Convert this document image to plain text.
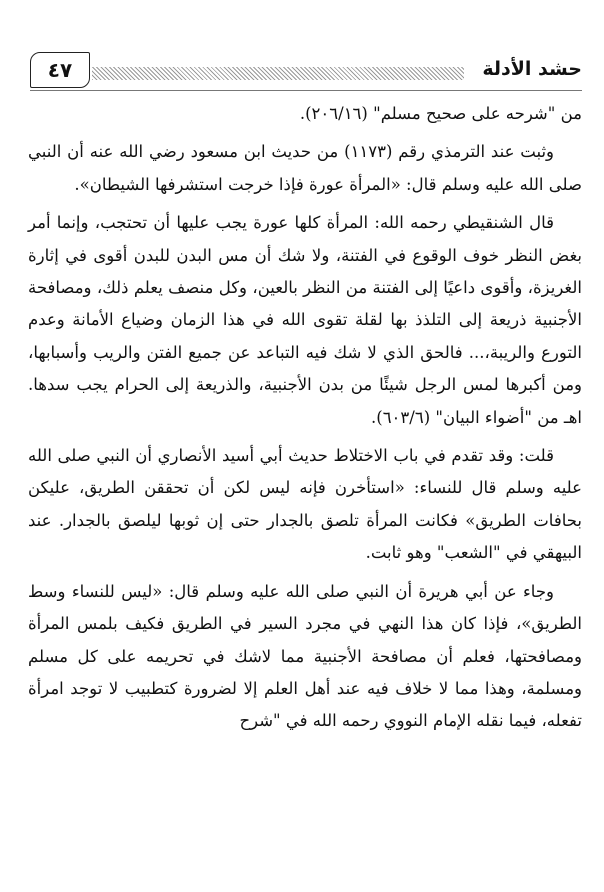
حشد الأدلة
٤٧

من "شرحه على صحيح مسلم" (٢٠٦/١٦).

وثبت عند الترمذي رقم (١١٧٣) من حديث ابن مسعود رضي الله عنه أن النبي صلى الله عليه وسلم قال: «المرأة عورة فإذا خرجت استشرفها الشيطان».

قال الشنقيطي رحمه الله: المرأة كلها عورة يجب عليها أن تحتجب، وإنما أمر بغض النظر خوف الوقوع في الفتنة، ولا شك أن مس البدن للبدن أقوى في إثارة الغريزة، وأقوى داعيًا إلى الفتنة من النظر بالعين، وكل منصف يعلم ذلك، ومصافحة الأجنبية ذريعة إلى التلذذ بها لقلة تقوى الله في هذا الزمان وضياع الأمانة وعدم التورع والريبة،... فالحق الذي لا شك فيه التباعد عن جميع الفتن والريب وأسبابها، ومن أكبرها لمس الرجل شيئًا من بدن الأجنبية، والذريعة إلى الحرام يجب سدها. اهـ من "أضواء البيان" (٦٠٣/٦).

قلت: وقد تقدم في باب الاختلاط حديث أبي أسيد الأنصاري أن النبي صلى الله عليه وسلم قال للنساء: «استأخرن فإنه ليس لكن أن تحققن الطريق، عليكن بحافات الطريق» فكانت المرأة تلصق بالجدار حتى إن ثوبها ليلصق بالجدار. عند البيهقي في "الشعب" وهو ثابت.

وجاء عن أبي هريرة أن النبي صلى الله عليه وسلم قال: «ليس للنساء وسط الطريق»، فإذا كان هذا النهي في مجرد السير في الطريق فكيف بلمس المرأة ومصافحتها، فعلم أن مصافحة الأجنبية مما لاشك في تحريمه على كل مسلم ومسلمة، وهذا مما لا خلاف فيه عند أهل العلم إلا لضرورة كتطبيب لا توجد امرأة تفعله، فيما نقله الإمام النووي رحمه الله في "شرح
